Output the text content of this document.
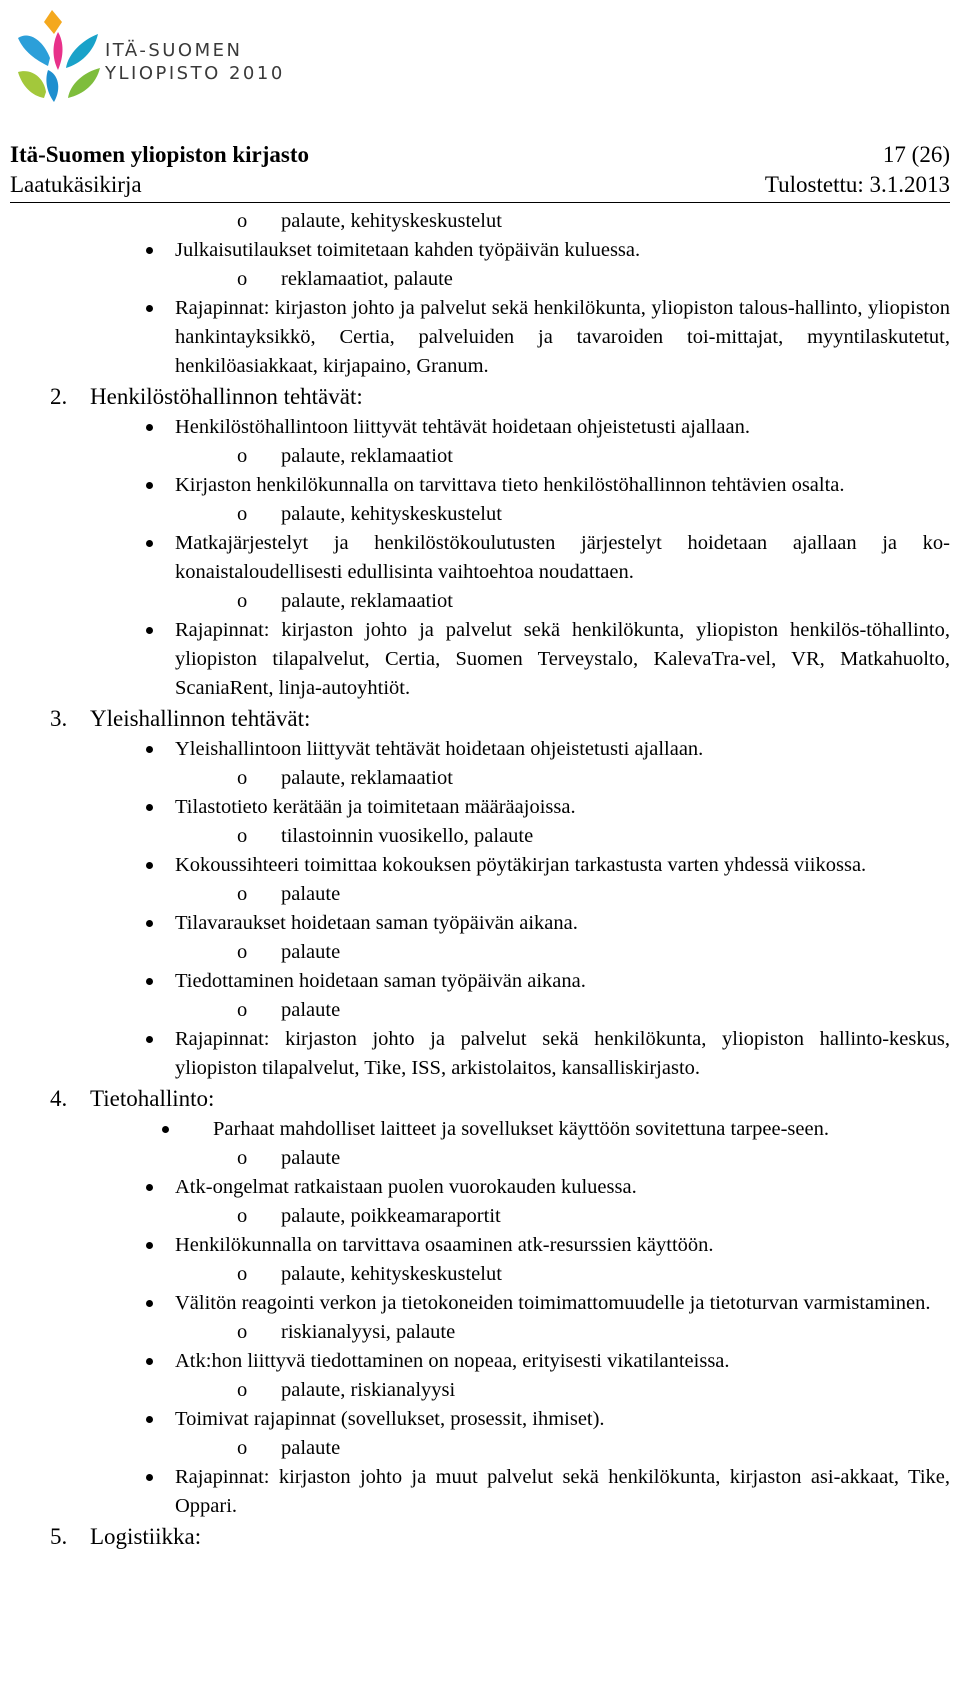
ITÄ-SUOMEN
YLIOPISTO 2010
Itä-Suomen yliopiston kirjasto	17 (26)
Laatukäsikirja	Tulostettu: 3.1.2013
o palaute, kehityskeskustelut
Julkaisutilaukset toimitetaan kahden työpäivän kuluessa.
o reklamaatiot, palaute
Rajapinnat: kirjaston johto ja palvelut sekä henkilökunta, yliopiston talous-hallinto, yliopiston hankintayksikkö, Certia, palveluiden ja tavaroiden toi-mittajat, myyntilaskutetut, henkilöasiakkaat, kirjapaino, Granum.
2. Henkilöstöhallinnon tehtävät:
Henkilöstöhallintoon liittyvät tehtävät hoidetaan ohjeistetusti ajallaan.
o palaute, reklamaatiot
Kirjaston henkilökunnalla on tarvittava tieto henkilöstöhallinnon tehtävien osalta.
o palaute, kehityskeskustelut
Matkajärjestelyt ja henkilöstökoulutusten järjestelyt hoidetaan ajallaan ja ko-konaistaloudellisesti edullisinta vaihtoehtoa noudattaen.
o palaute, reklamaatiot
Rajapinnat: kirjaston johto ja palvelut sekä henkilökunta, yliopiston henkilös-töhallinto, yliopiston tilapalvelut, Certia, Suomen Terveystalo, KalevaTra-vel, VR, Matkahuolto, ScaniaRent, linja-autoyhtiöt.
3. Yleishallinnon tehtävät:
Yleishallintoon liittyvät tehtävät hoidetaan ohjeistetusti ajallaan.
o palaute, reklamaatiot
Tilastotieto kerätään ja toimitetaan määräajoissa.
o tilastoinnin vuosikello, palaute
Kokoussihteeri toimittaa kokouksen pöytäkirjan tarkastusta varten yhdessä viikossa.
o palaute
Tilavaraukset hoidetaan saman työpäivän aikana.
o palaute
Tiedottaminen hoidetaan saman työpäivän aikana.
o palaute
Rajapinnat: kirjaston johto ja palvelut sekä henkilökunta, yliopiston hallinto-keskus, yliopiston tilapalvelut, Tike, ISS, arkistolaitos, kansalliskirjasto.
4. Tietohallinto:
Parhaat mahdolliset laitteet ja sovellukset käyttöön sovitettuna tarpee-seen.
o palaute
Atk-ongelmat ratkaistaan puolen vuorokauden kuluessa.
o palaute, poikkeamaraportit
Henkilökunnalla on tarvittava osaaminen atk-resurssien käyttöön.
o palaute, kehityskeskustelut
Välitön reagointi verkon ja tietokoneiden toimimattomuudelle ja tietoturvan varmistaminen.
o riskianalyysi, palaute
Atk:hon liittyvä tiedottaminen on nopeaa, erityisesti vikatilanteissa.
o palaute, riskianalyysi
Toimivat rajapinnat (sovellukset, prosessit, ihmiset).
o palaute
Rajapinnat: kirjaston johto ja muut palvelut sekä henkilökunta, kirjaston asi-akkaat, Tike, Oppari.
5. Logistiikka:
